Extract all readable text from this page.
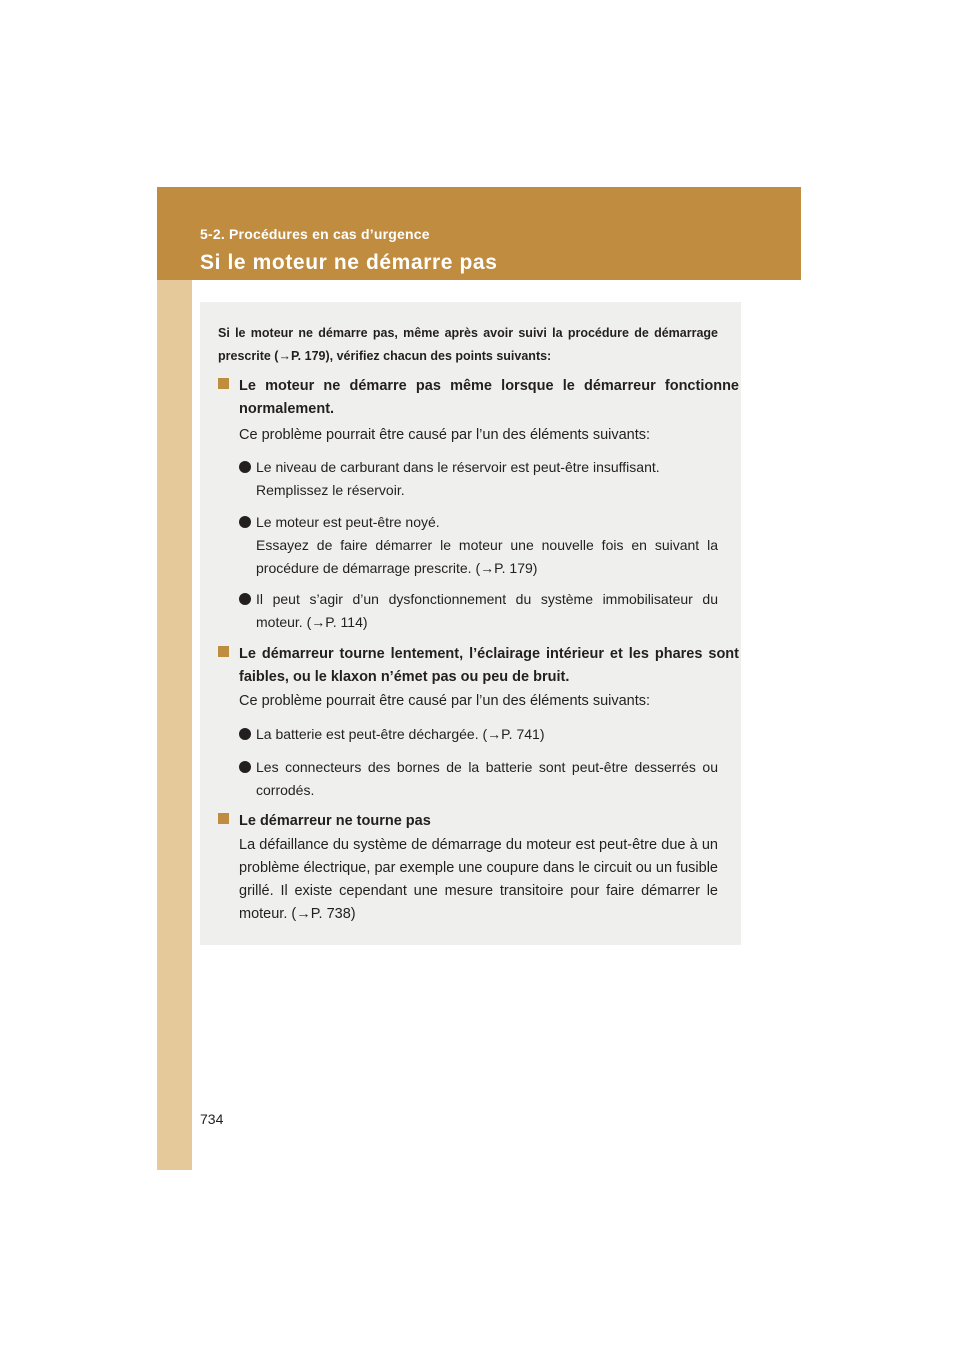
5-2. Procédures en cas d’urgence
Si le moteur ne démarre pas
Si le moteur ne démarre pas, même après avoir suivi la procédure de démarrage prescrite (→P. 179), vérifiez chacun des points suivants:
Le moteur ne démarre pas même lorsque le démarreur fonctionne normalement.
Ce problème pourrait être causé par l’un des éléments suivants:
Le niveau de carburant dans le réservoir est peut-être insuffisant.
Remplissez le réservoir.
Le moteur est peut-être noyé.
Essayez de faire démarrer le moteur une nouvelle fois en suivant la procédure de démarrage prescrite. (→P. 179)
Il peut s’agir d’un dysfonctionnement du système immobilisateur du moteur. (→P. 114)
Le démarreur tourne lentement, l’éclairage intérieur et les phares sont faibles, ou le klaxon n’émet pas ou peu de bruit.
Ce problème pourrait être causé par l’un des éléments suivants:
La batterie est peut-être déchargée. (→P. 741)
Les connecteurs des bornes de la batterie sont peut-être desserrés ou corrodés.
Le démarreur ne tourne pas
La défaillance du système de démarrage du moteur est peut-être due à un problème électrique, par exemple une coupure dans le circuit ou un fusible grillé. Il existe cependant une mesure transitoire pour faire démarrer le moteur. (→P. 738)
734
